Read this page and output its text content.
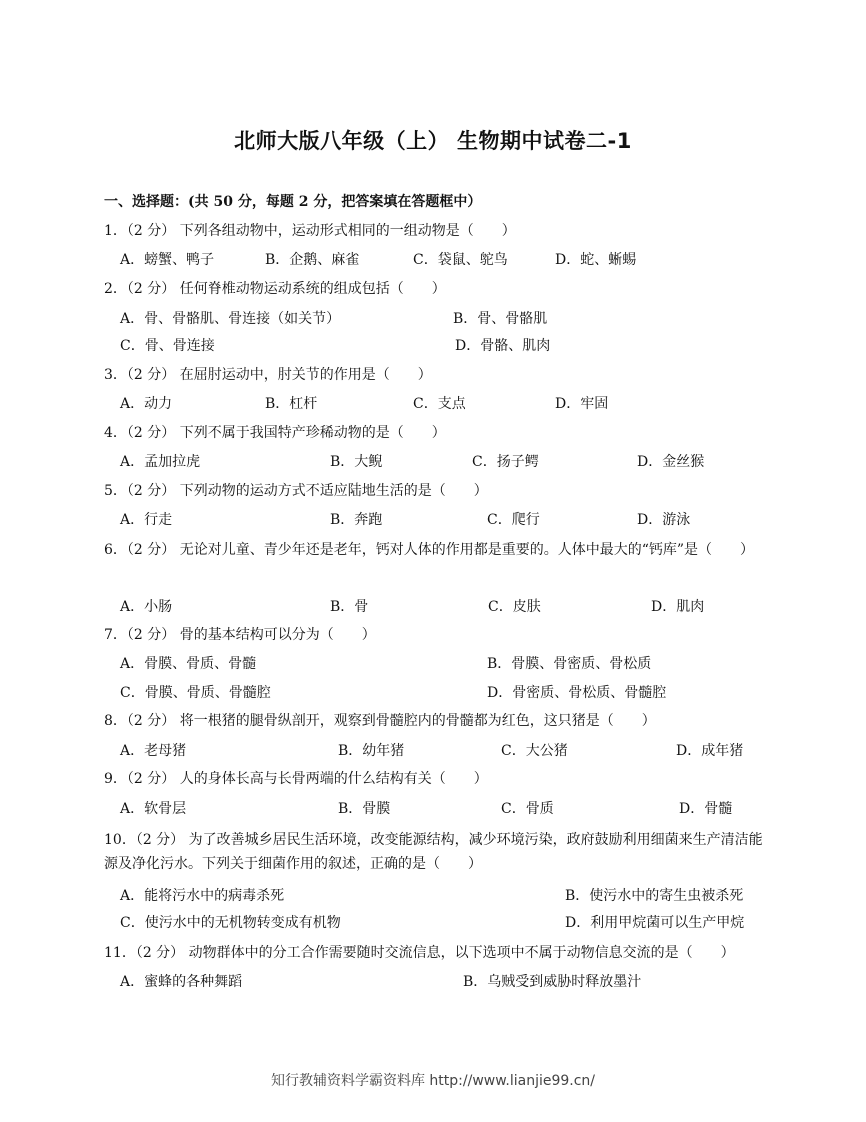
北师大版八年级（上） 生物期中试卷二-1
一、选择题：(共 50 分，每题 2 分，把答案填在答题框中）
1．（2 分） 下列各组动物中，运动形式相同的一组动物是（　　）
A．螃蟹、鸭子	B．企鹅、麻雀	C．袋鼠、鸵鸟	D．蛇、蜥蜴
2．（2 分） 任何脊椎动物运动系统的组成包括（　　）
A．骨、骨骼肌、骨连接（如关节）	B．骨、骨骼肌
C．骨、骨连接	D．骨骼、肌肉
3．（2 分） 在屈肘运动中，肘关节的作用是（　　）
A．动力	B．杠杆	C．支点	D．牢固
4．（2 分） 下列不属于我国特产珍稀动物的是（　　）
A．孟加拉虎	B．大鲵	C．扬子鳄	D．金丝猴
5．（2 分） 下列动物的运动方式不适应陆地生活的是（　　）
A．行走	B．奔跑	C．爬行	D．游泳
6．（2 分） 无论对儿童、青少年还是老年，钙对人体的作用都是重要的。人体中最大的“钙库”是（　　）
A．小肠	B．骨	C．皮肤	D．肌肉
7．（2 分） 骨的基本结构可以分为（　　）
A．骨膜、骨质、骨髓	B．骨膜、骨密质、骨松质
C．骨膜、骨质、骨髓腔	D．骨密质、骨松质、骨髓腔
8．（2 分） 将一根猪的腿骨纵剖开，观察到骨髓腔内的骨髓都为红色，这只猪是（　　）
A．老母猪	B．幼年猪	C．大公猪	D．成年猪
9．（2 分） 人的身体长高与长骨两端的什么结构有关（　　）
A．软骨层	B．骨膜	C．骨质	D．骨髓
10．（2 分） 为了改善城乡居民生活环境，改变能源结构，减少环境污染，政府鼓励利用细菌来生产清洁能源及净化污水。下列关于细菌作用的叙述，正确的是（　　）
A．能将污水中的病毒杀死	B．使污水中的寄生虫被杀死
C．使污水中的无机物转变成有机物	D．利用甲烷菌可以生产甲烷
11．（2 分） 动物群体中的分工合作需要随时交流信息，以下选项中不属于动物信息交流的是（　　）
A．蜜蜂的各种舞蹈	B．乌贼受到威胁时释放墨汁
知行教辅资料学霸资料库 http://www.lianjie99.cn/
